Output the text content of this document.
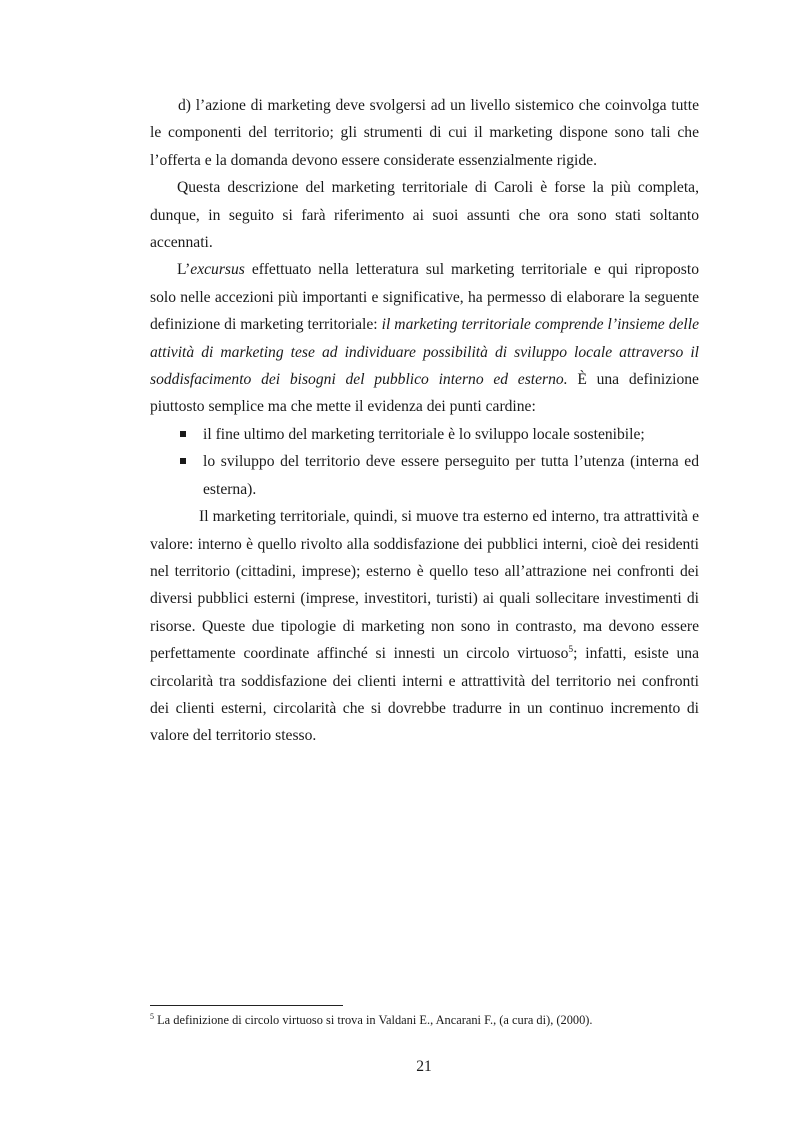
d) l’azione di marketing deve svolgersi ad un livello sistemico che coinvolga tutte le componenti del territorio; gli strumenti di cui il marketing dispone sono tali che l’offerta e la domanda devono essere considerate essenzialmente rigide.

Questa descrizione del marketing territoriale di Caroli è forse la più completa, dunque, in seguito si farà riferimento ai suoi assunti che ora sono stati soltanto accennati.

L’excursus effettuato nella letteratura sul marketing territoriale e qui riproposto solo nelle accezioni più importanti e significative, ha permesso di elaborare la seguente definizione di marketing territoriale: il marketing territoriale comprende l’insieme delle attività di marketing tese ad individuare possibilità di sviluppo locale attraverso il soddisfacimento dei bisogni del pubblico interno ed esterno. È una definizione piuttosto semplice ma che mette il evidenza dei punti cardine:

il fine ultimo del marketing territoriale è lo sviluppo locale sostenibile;
lo sviluppo del territorio deve essere perseguito per tutta l’utenza (interna ed esterna).

Il marketing territoriale, quindi, si muove tra esterno ed interno, tra attrattività e valore: interno è quello rivolto alla soddisfazione dei pubblici interni, cioè dei residenti nel territorio (cittadini, imprese); esterno è quello teso all’attrazione nei confronti dei diversi pubblici esterni (imprese, investitori, turisti) ai quali sollecitare investimenti di risorse. Queste due tipologie di marketing non sono in contrasto, ma devono essere perfettamente coordinate affinché si innesti un circolo virtuoso$^5$; infatti, esiste una circolarità tra soddisfazione dei clienti interni e attrattività del territorio nei confronti dei clienti esterni, circolarità che si dovrebbe tradurre in un continuo incremento di valore del territorio stesso.

$^5$ La definizione di circolo virtuoso si trova in Valdani E., Ancarani F., (a cura di), (2000).
21
